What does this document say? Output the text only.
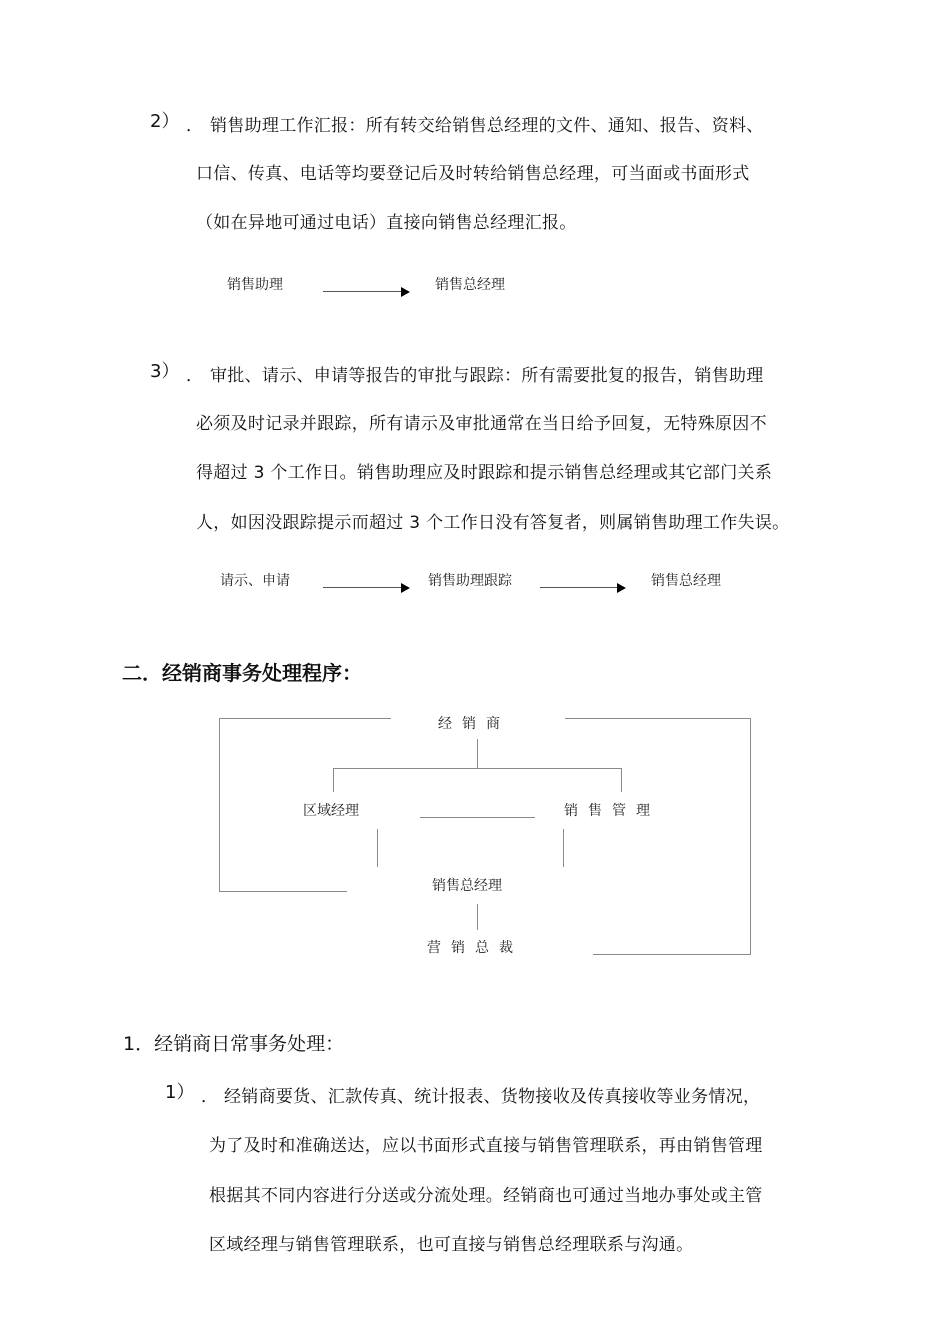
2） ． 销售助理工作汇报：所有转交给销售总经理的文件、通知、报告、资料、
口信、传真、电话等均要登记后及时转给销售总经理，可当面或书面形式
（如在异地可通过电话）直接向销售总经理汇报。
销售助理	销售总经理
3） ． 审批、请示、申请等报告的审批与跟踪：所有需要批复的报告，销售助理
必须及时记录并跟踪，所有请示及审批通常在当日给予回复，无特殊原因不
得超过 3 个工作日。销售助理应及时跟踪和提示销售总经理或其它部门关系
人，如因没跟踪提示而超过 3 个工作日没有答复者，则属销售助理工作失误。
请示、申请	销售助理跟踪	销售总经理
二．经销商事务处理程序：
经销商
区域经理	销售管理
销售总经理
营销总裁
1．经销商日常事务处理：
1） ． 经销商要货、汇款传真、统计报表、货物接收及传真接收等业务情况，
为了及时和准确送达，应以书面形式直接与销售管理联系，再由销售管理
根据其不同内容进行分送或分流处理。经销商也可通过当地办事处或主管
区域经理与销售管理联系，也可直接与销售总经理联系与沟通。
